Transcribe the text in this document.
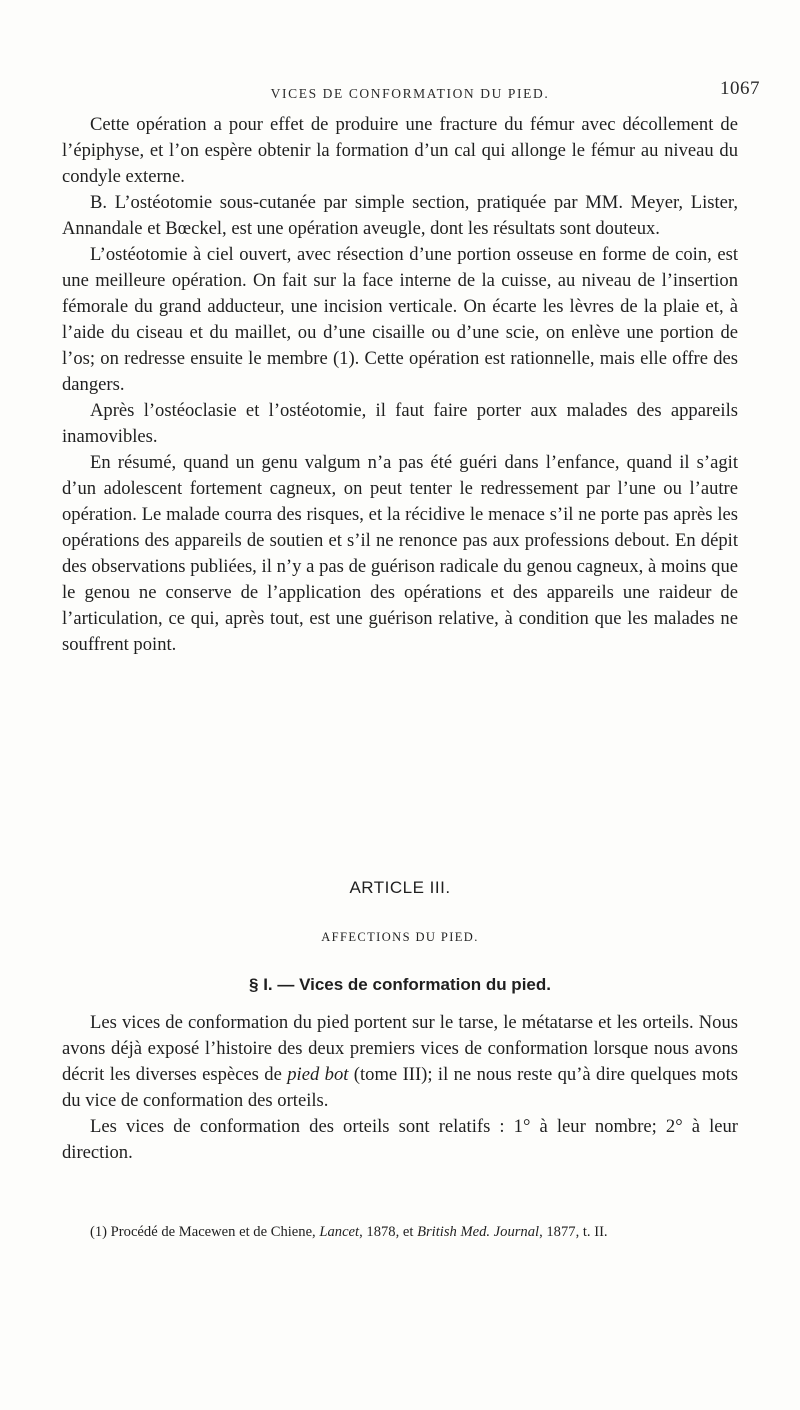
VICES DE CONFORMATION DU PIED.	1067

Cette opération a pour effet de produire une fracture du fémur avec décollement de l’épiphyse, et l’on espère obtenir la formation d’un cal qui allonge le fémur au niveau du condyle externe.

B. L’ostéotomie sous-cutanée par simple section, pratiquée par MM. Meyer, Lister, Annandale et Bœckel, est une opération aveugle, dont les résultats sont douteux.

L’ostéotomie à ciel ouvert, avec résection d’une portion osseuse en forme de coin, est une meilleure opération. On fait sur la face interne de la cuisse, au niveau de l’insertion fémorale du grand adducteur, une incision verticale. On écarte les lèvres de la plaie et, à l’aide du ciseau et du maillet, ou d’une cisaille ou d’une scie, on enlève une portion de l’os; on redresse ensuite le membre (1). Cette opération est rationnelle, mais elle offre des dangers.

Après l’ostéoclasie et l’ostéotomie, il faut faire porter aux malades des appareils inamovibles.

En résumé, quand un genu valgum n’a pas été guéri dans l’enfance, quand il s’agit d’un adolescent fortement cagneux, on peut tenter le redressement par l’une ou l’autre opération. Le malade courra des risques, et la récidive le menace s’il ne porte pas après les opérations des appareils de soutien et s’il ne renonce pas aux professions debout. En dépit des observations publiées, il n’y a pas de guérison radicale du genou cagneux, à moins que le genou ne conserve de l’application des opérations et des appareils une raideur de l’articulation, ce qui, après tout, est une guérison relative, à condition que les malades ne souffrent point.

ARTICLE III.
AFFECTIONS DU PIED.
§ I. — Vices de conformation du pied.

Les vices de conformation du pied portent sur le tarse, le métatarse et les orteils. Nous avons déjà exposé l’histoire des deux premiers vices de conformation lorsque nous avons décrit les diverses espèces de pied bot (tome III); il ne nous reste qu’à dire quelques mots du vice de conformation des orteils.

Les vices de conformation des orteils sont relatifs : 1° à leur nombre; 2° à leur direction.

(1) Procédé de Macewen et de Chiene, Lancet, 1878, et British Med. Journal, 1877, t. II.
